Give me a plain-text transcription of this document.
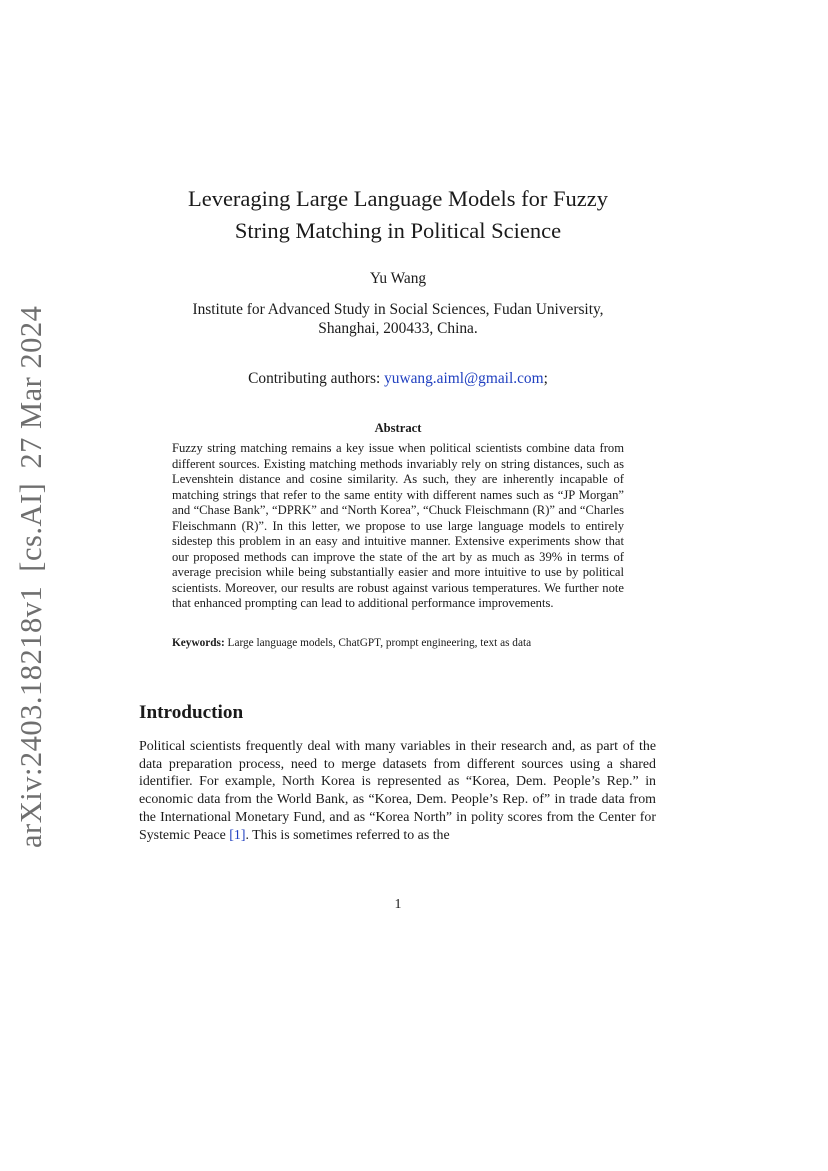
arXiv:2403.18218v1[cs.AI]27 Mar 2024
Leveraging Large Language Models for Fuzzy
String Matching in Political Science
Yu Wang
Institute for Advanced Study in Social Sciences, Fudan University,
Shanghai, 200433, China.
Contributing authors: yuwang.aiml@gmail.com;
Abstract
Fuzzy string matching remains a key issue when political scientists combine data from different sources. Existing matching methods invariably rely on string distances, such as Levenshtein distance and cosine similarity. As such, they are inherently incapable of matching strings that refer to the same entity with different names such as “JP Morgan” and “Chase Bank”, “DPRK” and “North Korea”, “Chuck Fleischmann (R)” and “Charles Fleischmann (R)”. In this letter, we propose to use large language models to entirely sidestep this problem in an easy and intuitive manner. Extensive experiments show that our proposed methods can improve the state of the art by as much as 39% in terms of average precision while being substantially easier and more intuitive to use by political scientists. Moreover, our results are robust against various temperatures. We further note that enhanced prompting can lead to additional performance improvements.
Keywords: Large language models, ChatGPT, prompt engineering, text as data
Introduction
Political scientists frequently deal with many variables in their research and, as part of the data preparation process, need to merge datasets from different sources using a shared identifier. For example, North Korea is represented as “Korea, Dem. People’s Rep.” in economic data from the World Bank, as “Korea, Dem. People’s Rep. of” in trade data from the International Monetary Fund, and as “Korea North” in polity scores from the Center for Systemic Peace [1]. This is sometimes referred to as the
1
